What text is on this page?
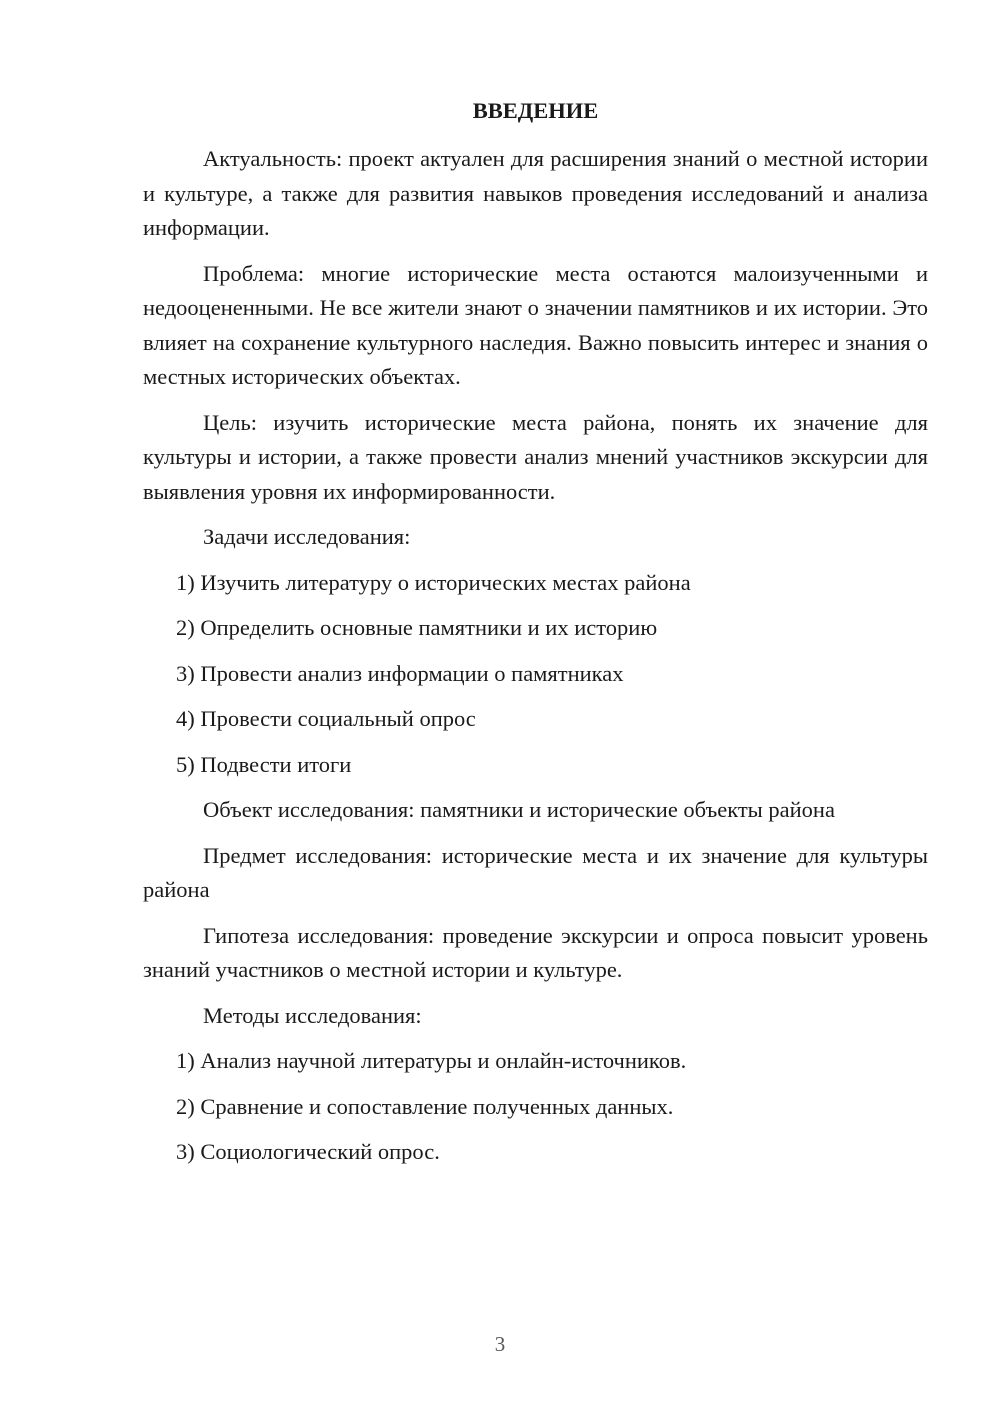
ВВЕДЕНИЕ

Актуальность: проект актуален для расширения знаний о местной истории и культуре, а также для развития навыков проведения исследований и анализа информации.

Проблема: многие исторические места остаются малоизученными и недооцененными. Не все жители знают о значении памятников и их истории. Это влияет на сохранение культурного наследия. Важно повысить интерес и знания о местных исторических объектах.

Цель: изучить исторические места района, понять их значение для культуры и истории, а также провести анализ мнений участников экскурсии для выявления уровня их информированности.

Задачи исследования:

1) Изучить литературу о исторических местах района

2) Определить основные памятники и их историю

3) Провести анализ информации о памятниках

4) Провести социальный опрос

5) Подвести итоги

Объект исследования: памятники и исторические объекты района

Предмет исследования: исторические места и их значение для культуры района

Гипотеза исследования: проведение экскурсии и опроса повысит уровень знаний участников о местной истории и культуре.

Методы исследования:

1) Анализ научной литературы и онлайн-источников.

2) Сравнение и сопоставление полученных данных.

3) Социологический опрос.

3
